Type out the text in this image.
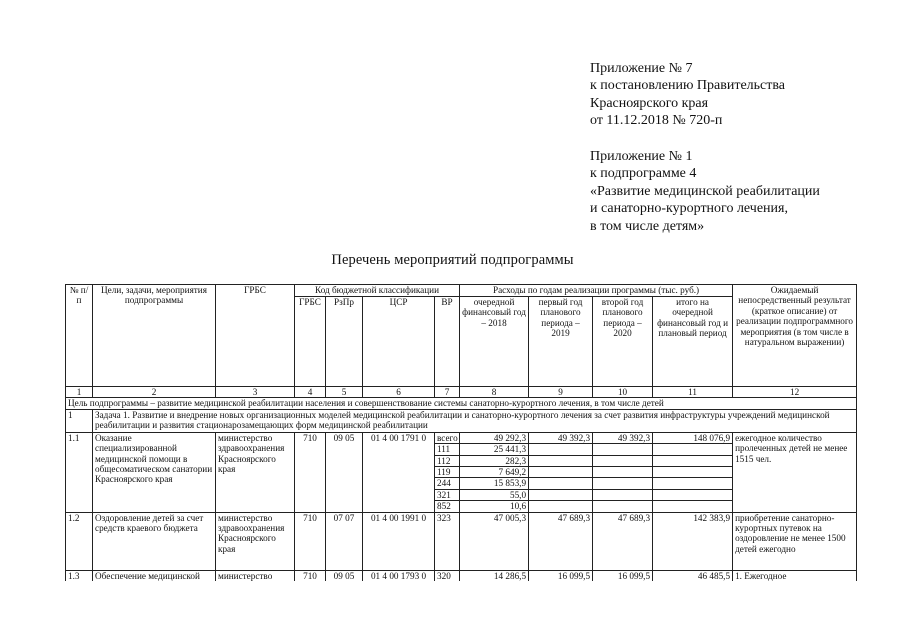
Приложение № 7
к постановлению Правительства
Красноярского края
от 11.12.2018 № 720-п
Приложение № 1
к подпрограмме 4
«Развитие медицинской реабилитации
и санаторно-курортного лечения,
в том числе детям»
Перечень мероприятий подпрограммы
№ п/п	Цели, задачи, мероприятия подпрограммы	ГРБС	Код бюджетной классификации				Расходы по годам реализации программы (тыс. руб.)				Ожидаемый непосредственный результат (краткое описание) от реализации подпрограммного мероприятия (в том числе в натуральном выражении)
			ГРБС	РзПр	ЦСР	ВР	очередной финансовый год – 2018	первый год планового периода – 2019	второй год планового периода – 2020	итого на очередной финансовый год и плановый период	
1	2	3	4	5	6	7	8	9	10	11	12
Цель подпрограммы – развитие медицинской реабилитации населения и совершенствование системы санаторно-курортного лечения, в том числе детей											
1	Задача 1. Развитие и внедрение новых организационных моделей медицинской реабилитации и санаторно-курортного лечения за счет развития инфраструктуры учреждений медицинской реабилитации и развития стационарозамещающих форм медицинской реабилитации										
1.1	Оказание специализированной медицинской помощи в общесоматическом санатории Красноярского края	министерство здравоохранения Красноярского края	710	09 05	01 4 00 1791 0	всего	49 292,3	49 392,3	49 392,3	148 076,9	ежегодное количество пролеченных детей не менее 1515 чел.
						111	25 441,3				
						112	282,3				
						119	7 649,2				
						244	15 853,9				
						321	55,0				
						852	10,6				
1.2	Оздоровление детей за счет средств краевого бюджета	министерство здравоохранения Красноярского края	710	07 07	01 4 00 1991 0	323	47 005,3	47 689,3	47 689,3	142 383,9	приобретение санаторно-курортных путевок на оздоровление не менее 1500 детей ежегодно
1.3	Обеспечение медицинской	министерство	710	09 05	01 4 00 1793 0	320	14 286,5	16 099,5	16 099,5	46 485,5	1. Ежегодное
